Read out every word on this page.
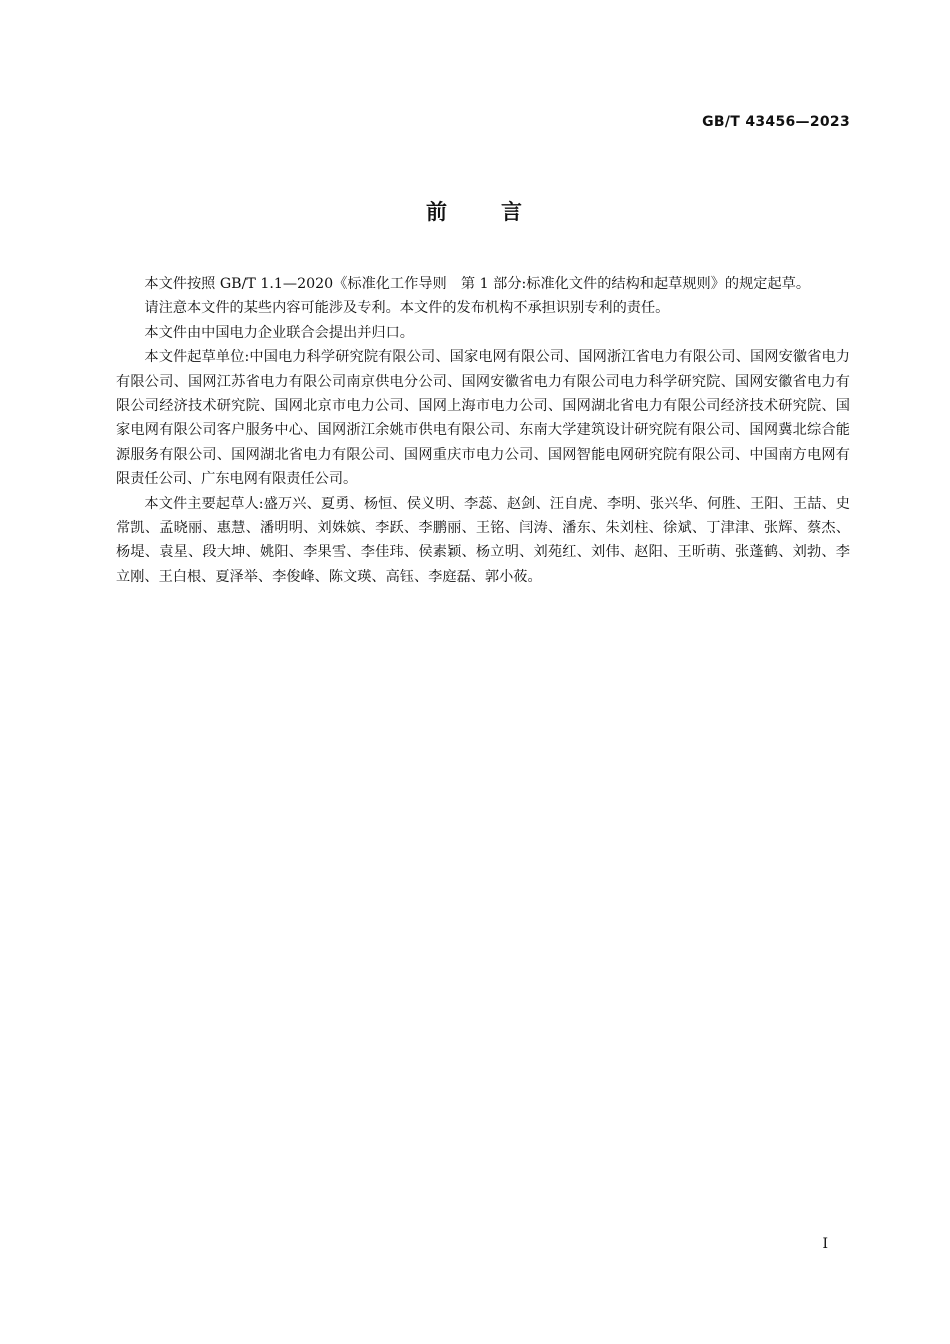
GB/T 43456—2023
前 言

本文件按照 GB/T 1.1—2020《标准化工作导则　第 1 部分:标准化文件的结构和起草规则》的规定起草。

请注意本文件的某些内容可能涉及专利。本文件的发布机构不承担识别专利的责任。

本文件由中国电力企业联合会提出并归口。

本文件起草单位:中国电力科学研究院有限公司、国家电网有限公司、国网浙江省电力有限公司、国网安徽省电力有限公司、国网江苏省电力有限公司南京供电分公司、国网安徽省电力有限公司电力科学研究院、国网安徽省电力有限公司经济技术研究院、国网北京市电力公司、国网上海市电力公司、国网湖北省电力有限公司经济技术研究院、国家电网有限公司客户服务中心、国网浙江余姚市供电有限公司、东南大学建筑设计研究院有限公司、国网冀北综合能源服务有限公司、国网湖北省电力有限公司、国网重庆市电力公司、国网智能电网研究院有限公司、中国南方电网有限责任公司、广东电网有限责任公司。

本文件主要起草人:盛万兴、夏勇、杨恒、侯义明、李蕊、赵剑、汪自虎、李明、张兴华、何胜、王阳、王喆、史常凯、孟晓丽、惠慧、潘明明、刘姝嫔、李跃、李鹏丽、王铭、闫涛、潘东、朱刘柱、徐斌、丁津津、张辉、蔡杰、杨堤、袁星、段大坤、姚阳、李果雪、李佳玮、侯素颖、杨立明、刘苑红、刘伟、赵阳、王昕萌、张蓬鹤、刘勃、李立刚、王白根、夏泽举、李俊峰、陈文瑛、高钰、李庭磊、郭小莜。

I
